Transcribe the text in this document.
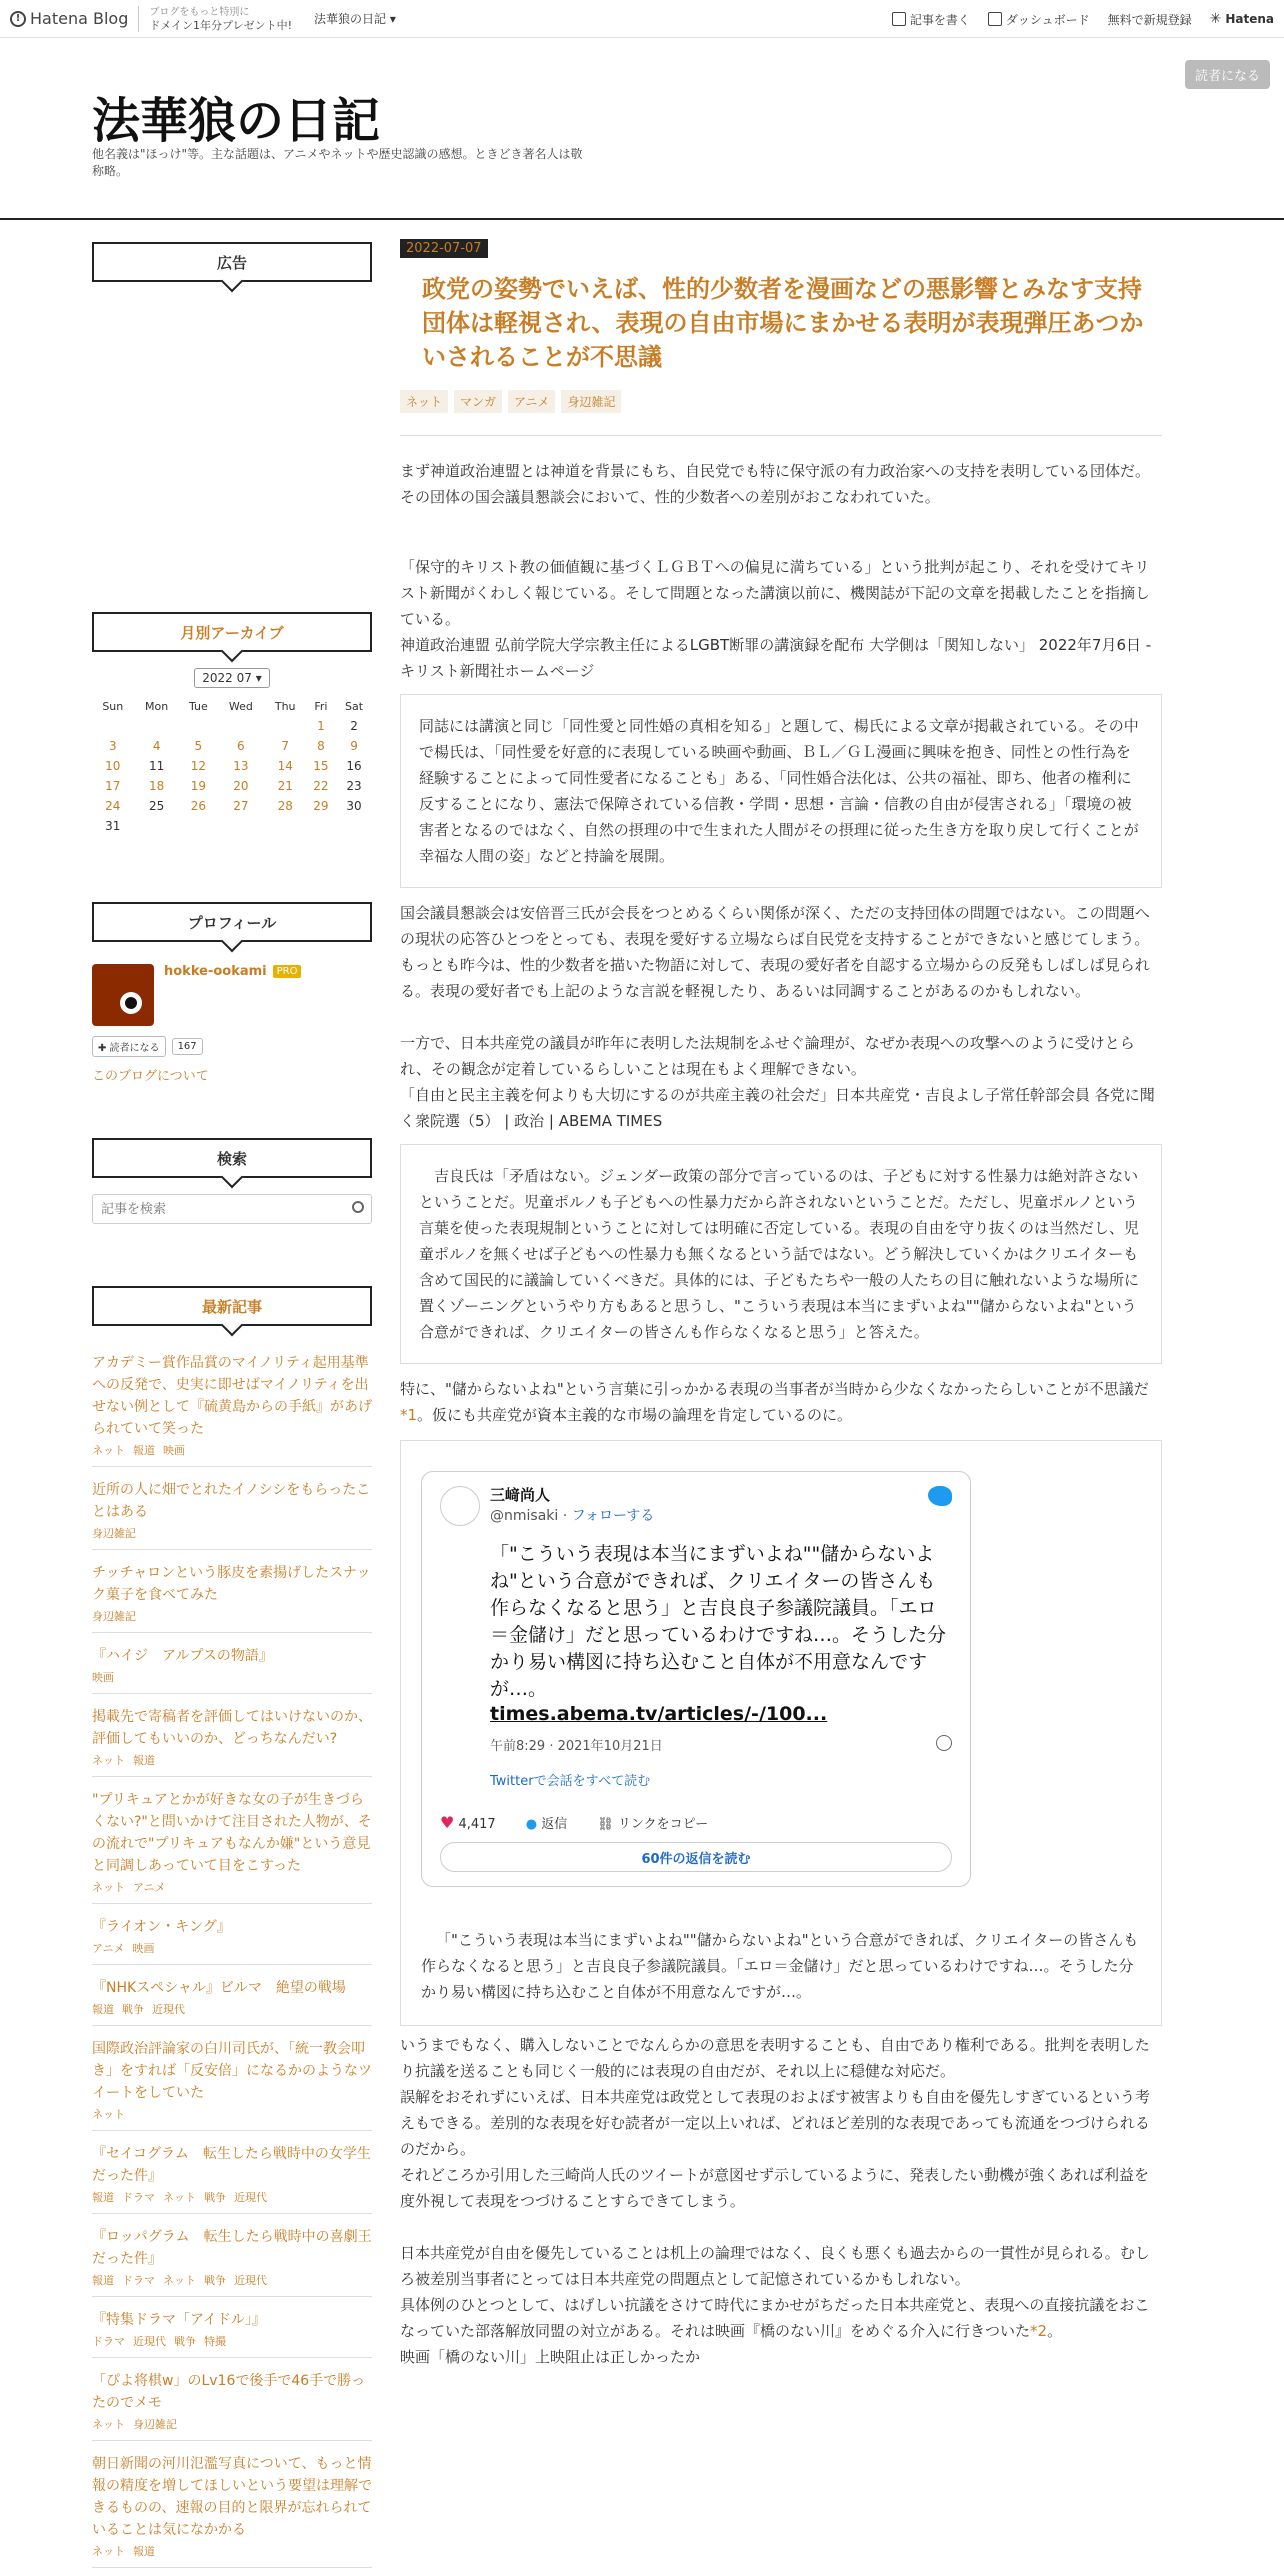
! Hatena Blog ブログをもっと特別に
ドメイン1年分プレゼント中! 法華狼の日記 ▾	記事を書く	ダッシュボード 無料で新規登録 ✳ Hatena
法華狼の日記
他名義は"ほっけ"等。主な話題は、アニメやネットや歴史認識の感想。ときどき著名人は敬称略。
読者になる
広告
月別アーカイブ
2022 07 ▾
Sun	Mon	Tue	Wed	Thu	Fri	Sat
					1	2
3	4	5	6	7	8	9
10	11	12	13	14	15	16
17	18	19	20	21	22	23
24	25	26	27	28	29	30
31						
プロフィール
hokke-ookami	PRO
✚ 読者になる	167
このブログについて
検索
記事を検索
最新記事
アカデミー賞作品賞のマイノリティ起用基準への反発で、史実に即せばマイノリティを出せない例として『硫黄島からの手紙』があげられていて笑った
ネット 報道 映画
近所の人に畑でとれたイノシシをもらったことはある
身辺雑記
チッチャロンという豚皮を素揚げしたスナック菓子を食べてみた
身辺雑記
『ハイジ　アルプスの物語』
映画
掲載先で寄稿者を評価してはいけないのか、評価してもいいのか、どっちなんだい?
ネット 報道
"プリキュアとかが好きな女の子が生きづらくない?"と問いかけて注目された人物が、その流れで"プリキュアもなんか嫌"という意見と同調しあっていて目をこすった
ネット アニメ
『ライオン・キング』
アニメ 映画
『NHKスペシャル』ビルマ　絶望の戦場
報道 戦争 近現代
国際政治評論家の白川司氏が、「統一教会叩き」をすれば「反安倍」になるかのようなツイートをしていた
ネット
『セイコグラム　転生したら戦時中の女学生だった件』
報道 ドラマ ネット 戦争 近現代
『ロッパグラム　転生したら戦時中の喜劇王だった件』
報道 ドラマ ネット 戦争 近現代
『特集ドラマ「アイドル」』
ドラマ 近現代 戦争 特撮
「ぴよ将棋w」のLv16で後手で46手で勝ったのでメモ
ネット 身辺雑記
朝日新聞の河川氾濫写真について、もっと情報の精度を増してほしいという要望は理解できるものの、速報の目的と限界が忘れられていることは気になかかる
ネット 報道
2022-07-07
政党の姿勢でいえば、性的少数者を漫画などの悪影響とみなす支持団体は軽視され、表現の自由市場にまかせる表明が表現弾圧あつかいされることが不思議
ネット	マンガ	アニメ	身辺雑記

まず神道政治連盟とは神道を背景にもち、自民党でも特に保守派の有力政治家への支持を表明している団体だ。その団体の国会議員懇談会において、性的少数者への差別がおこなわれていた。

「保守的キリスト教の価値観に基づくＬＧＢＴへの偏見に満ちている」という批判が起こり、それを受けてキリスト新聞がくわしく報じている。そして問題となった講演以前に、機関誌が下記の文章を掲載したことを指摘している。

神道政治連盟 弘前学院大学宗教主任によるLGBT断罪の講演録を配布 大学側は「関知しない」 2022年7月6日 - キリスト新聞社ホームページ
同誌には講演と同じ「同性愛と同性婚の真相を知る」と題して、楊氏による文章が掲載されている。その中で楊氏は、「同性愛を好意的に表現している映画や動画、ＢＬ／ＧＬ漫画に興味を抱き、同性との性行為を経験することによって同性愛者になることも」ある、「同性婚合法化は、公共の福祉、即ち、他者の権利に反することになり、憲法で保障されている信教・学問・思想・言論・信教の自由が侵害される」「環境の被害者となるのではなく、自然の摂理の中で生まれた人間がその摂理に従った生き方を取り戻して行くことが幸福な人間の姿」などと持論を展開。

国会議員懇談会は安倍晋三氏が会長をつとめるくらい関係が深く、ただの支持団体の問題ではない。この問題への現状の応答ひとつをとっても、表現を愛好する立場ならば自民党を支持することができないと感じてしまう。

もっとも昨今は、性的少数者を描いた物語に対して、表現の愛好者を自認する立場からの反発もしばしば見られる。表現の愛好者でも上記のような言説を軽視したり、あるいは同調することがあるのかもしれない。

一方で、日本共産党の議員が昨年に表明した法規制をふせぐ論理が、なぜか表現への攻撃へのように受けとられ、その観念が定着しているらしいことは現在もよく理解できない。

「自由と民主主義を何よりも大切にするのが共産主義の社会だ」日本共産党・吉良よし子常任幹部会員 各党に聞く衆院選（5） | 政治 | ABEMA TIMES
吉良氏は「矛盾はない。ジェンダー政策の部分で言っているのは、子どもに対する性暴力は絶対許さないということだ。児童ポルノも子どもへの性暴力だから許されないということだ。ただし、児童ポルノという言葉を使った表現規制ということに対しては明確に否定している。表現の自由を守り抜くのは当然だし、児童ポルノを無くせば子どもへの性暴力も無くなるという話ではない。どう解決していくかはクリエイターも含めて国民的に議論していくべきだ。具体的には、子どもたちや一般の人たちの目に触れないような場所に置くゾーニングというやり方もあると思うし、"こういう表現は本当にまずいよね""儲からないよね"という合意ができれば、クリエイターの皆さんも作らなくなると思う」と答えた。

特に、"儲からないよね"という言葉に引っかかる表現の当事者が当時から少なくなかったらしいことが不思議だ*1。仮にも共産党が資本主義的な市場の論理を肯定しているのに。

三﨑尚人
@nmisaki · フォローする
「"こういう表現は本当にまずいよね""儲からないよね"という合意ができれば、クリエイターの皆さんも作らなくなると思う」と吉良良子参議院議員。「エロ＝金儲け」だと思っているわけですね…。そうした分かり易い構図に持ち込むこと自体が不用意なんですが…。
times.abema.tv/articles/-/100...
午前8:29 · 2021年10月21日
Twitterで会話をすべて読む
♥ 4,417 ● 返信 ⛓ リンクをコピー
60件の返信を読む

「"こういう表現は本当にまずいよね""儲からないよね"という合意ができれば、クリエイターの皆さんも作らなくなると思う」と吉良良子参議院議員。「エロ＝金儲け」だと思っているわけですね…。そうした分かり易い構図に持ち込むこと自体が不用意なんですが…。

いうまでもなく、購入しないことでなんらかの意思を表明することも、自由であり権利である。批判を表明したり抗議を送ることも同じく一般的には表現の自由だが、それ以上に穏健な対応だ。

誤解をおそれずにいえば、日本共産党は政党として表現のおよぼす被害よりも自由を優先しすぎているという考えもできる。差別的な表現を好む読者が一定以上いれば、どれほど差別的な表現であっても流通をつづけられるのだから。

それどころか引用した三崎尚人氏のツイートが意図せず示しているように、発表したい動機が強くあれば利益を度外視して表現をつづけることすらできてしまう。

日本共産党が自由を優先していることは机上の論理ではなく、良くも悪くも過去からの一貫性が見られる。むしろ被差別当事者にとっては日本共産党の問題点として記憶されているかもしれない。

具体例のひとつとして、はげしい抗議をさけて時代にまかせがちだった日本共産党と、表現への直接抗議をおこなっていた部落解放同盟の対立がある。それは映画『橋のない川』をめぐる介入に行きついた*2。

映画「橋のない川」上映阻止は正しかったか
